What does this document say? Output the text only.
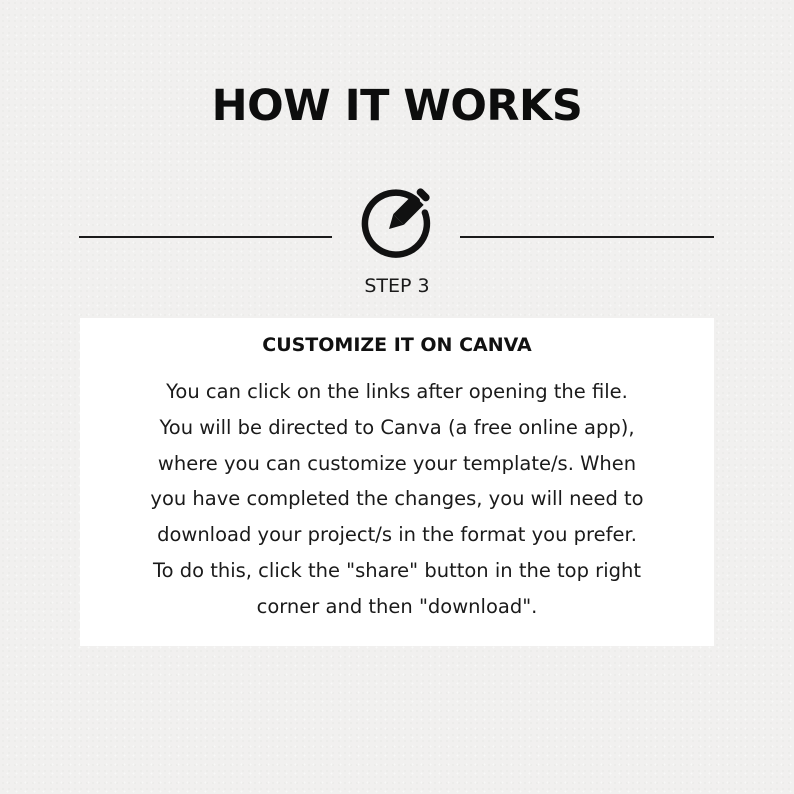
HOW IT WORKS
STEP 3
CUSTOMIZE IT ON CANVA
You can click on the links after opening the file.
You will be directed to Canva (a free online app),
where you can customize your template/s. When
you have completed the changes, you will need to
download your project/s in the format you prefer.
To do this, click the "share" button in the top right
corner and then "download".
